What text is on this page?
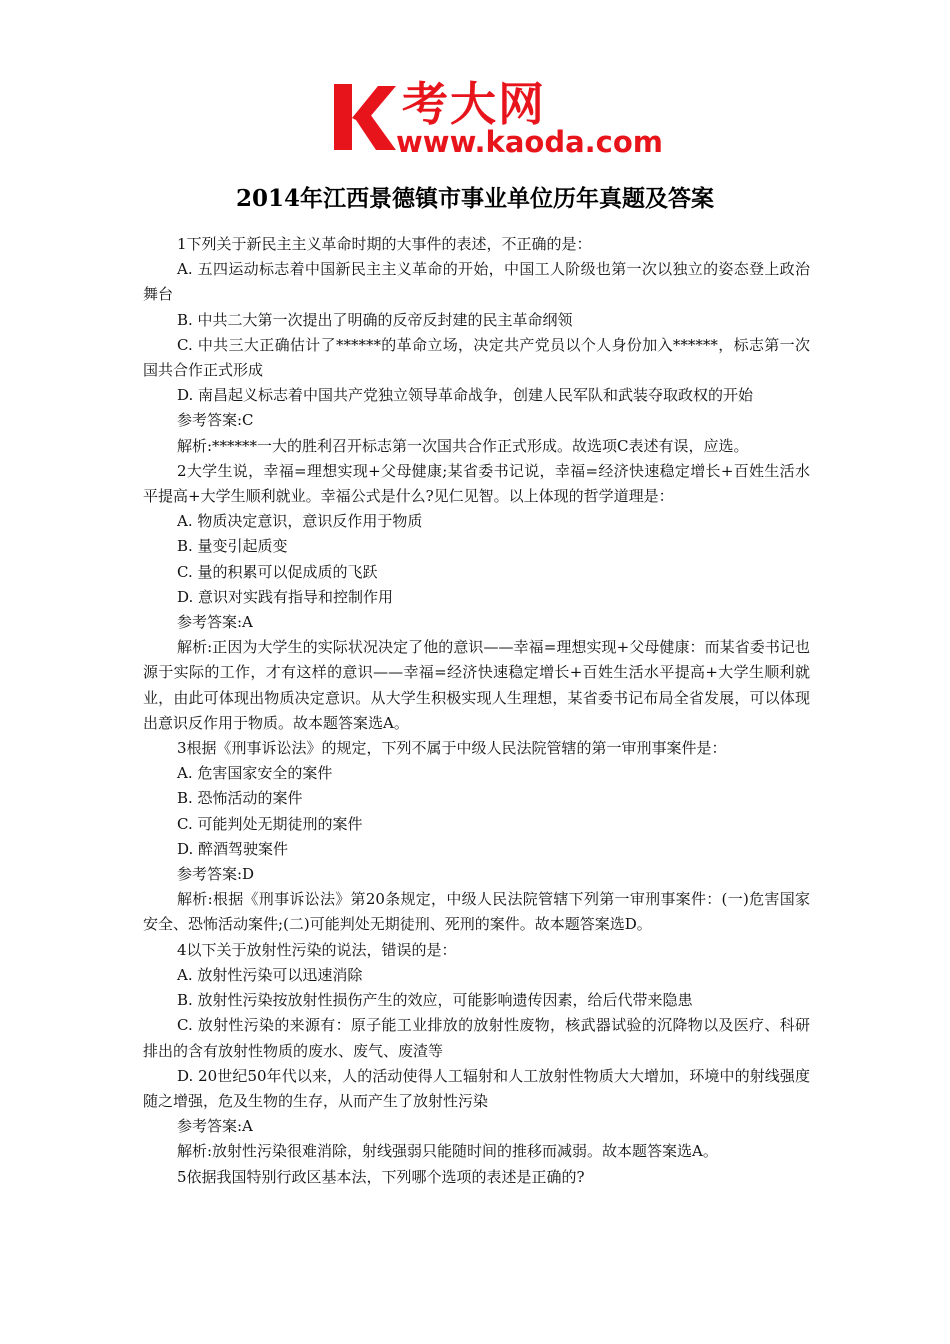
考大网
www.kaoda.com
2014年江西景德镇市事业单位历年真题及答案

1下列关于新民主主义革命时期的大事件的表述，不正确的是：

A. 五四运动标志着中国新民主主义革命的开始，中国工人阶级也第一次以独立的姿态登上政治舞台

B. 中共二大第一次提出了明确的反帝反封建的民主革命纲领

C. 中共三大正确估计了******的革命立场，决定共产党员以个人身份加入******，标志第一次国共合作正式形成

D. 南昌起义标志着中国共产党独立领导革命战争，创建人民军队和武装夺取政权的开始

参考答案:C

解析:******一大的胜利召开标志第一次国共合作正式形成。故选项C表述有误，应选。

2大学生说，幸福=理想实现+父母健康;某省委书记说，幸福=经济快速稳定增长+百姓生活水平提高+大学生顺利就业。幸福公式是什么?见仁见智。以上体现的哲学道理是：

A. 物质决定意识，意识反作用于物质

B. 量变引起质变

C. 量的积累可以促成质的飞跃

D. 意识对实践有指导和控制作用

参考答案:A

解析:正因为大学生的实际状况决定了他的意识——幸福=理想实现+父母健康：而某省委书记也源于实际的工作，才有这样的意识——幸福=经济快速稳定增长+百姓生活水平提高+大学生顺利就业，由此可体现出物质决定意识。从大学生积极实现人生理想，某省委书记布局全省发展，可以体现出意识反作用于物质。故本题答案选A。

3根据《刑事诉讼法》的规定，下列不属于中级人民法院管辖的第一审刑事案件是：

A. 危害国家安全的案件

B. 恐怖活动的案件

C. 可能判处无期徒刑的案件

D. 醉酒驾驶案件

参考答案:D

解析:根据《刑事诉讼法》第20条规定，中级人民法院管辖下列第一审刑事案件：(一)危害国家安全、恐怖活动案件;(二)可能判处无期徒刑、死刑的案件。故本题答案选D。

4以下关于放射性污染的说法，错误的是：

A. 放射性污染可以迅速消除

B. 放射性污染按放射性损伤产生的效应，可能影响遗传因素，给后代带来隐患

C. 放射性污染的来源有：原子能工业排放的放射性废物，核武器试验的沉降物以及医疗、科研排出的含有放射性物质的废水、废气、废渣等

D. 20世纪50年代以来，人的活动使得人工辐射和人工放射性物质大大增加，环境中的射线强度随之增强，危及生物的生存，从而产生了放射性污染

参考答案:A

解析:放射性污染很难消除，射线强弱只能随时间的推移而减弱。故本题答案选A。

5依据我国特别行政区基本法，下列哪个选项的表述是正确的?
